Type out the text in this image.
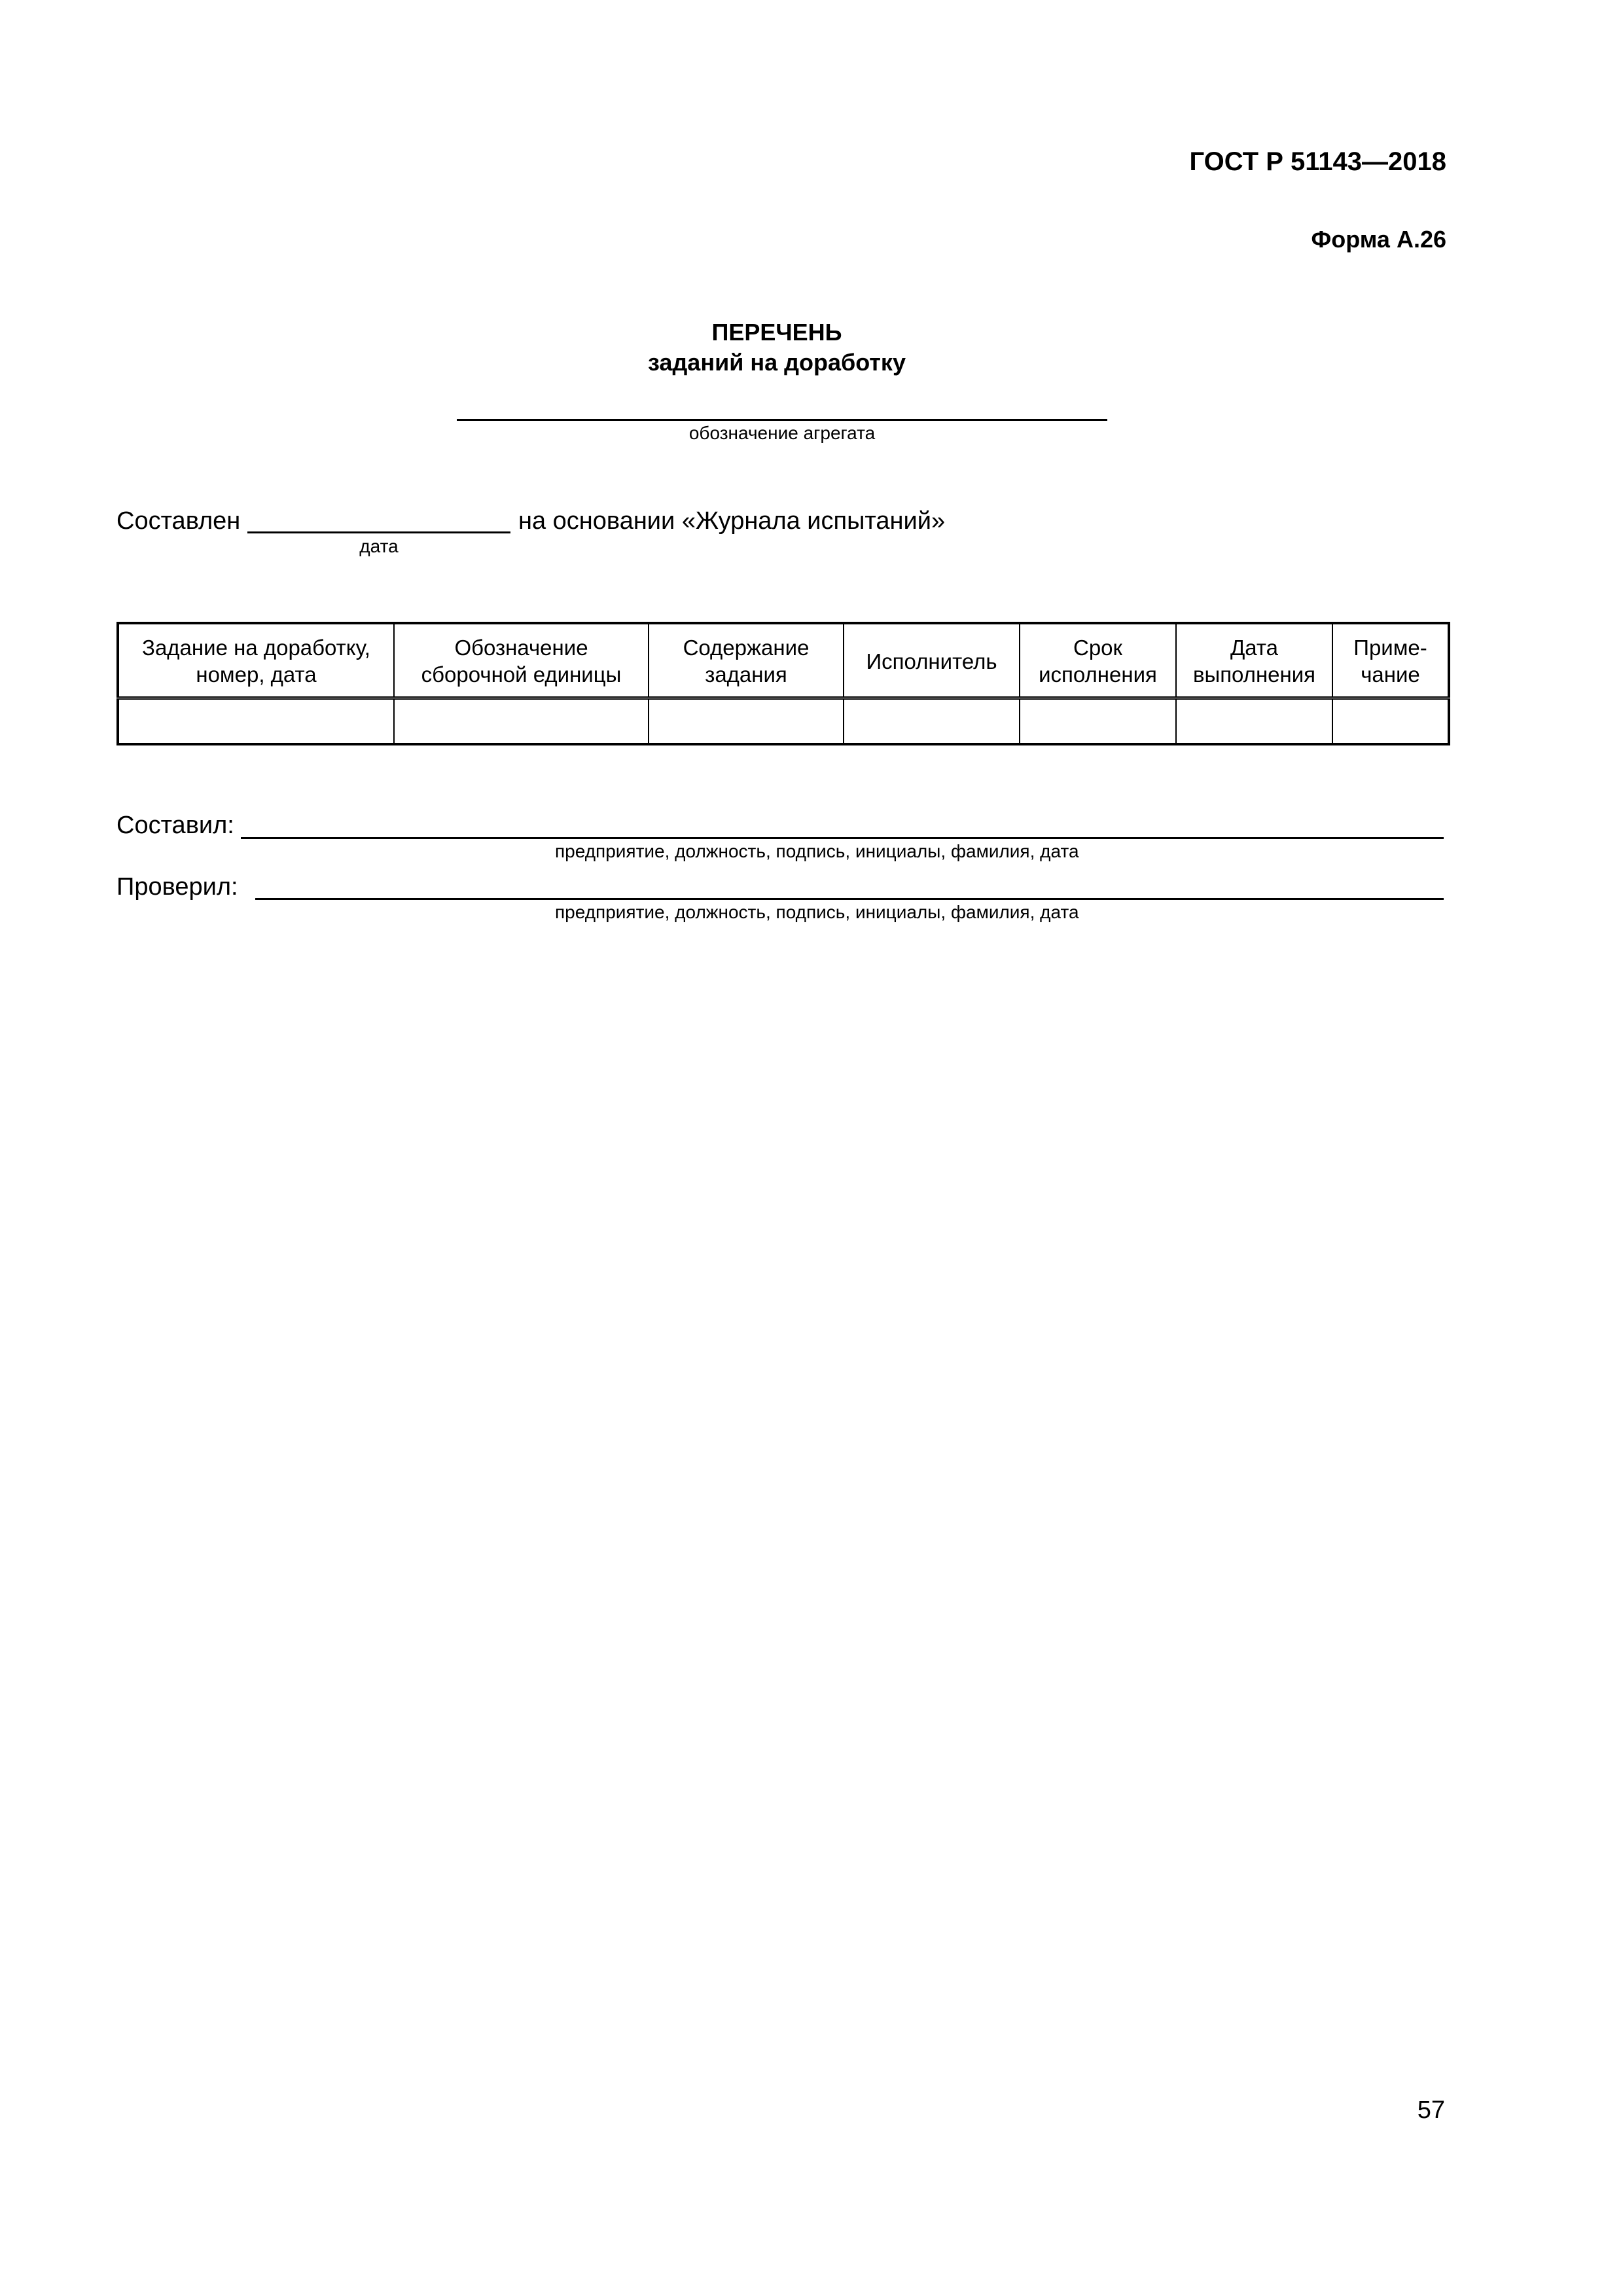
ГОСТ Р 51143—2018
Форма А.26
ПЕРЕЧЕНЬ
заданий на доработку
обозначение агрегата
Составлен	на основании «Журнала испытаний»
дата
Задание на доработку, номер, дата	Обозначение сборочной единицы	Содержание задания	Исполнитель	Срок исполнения	Дата выполнения	Приме-чание

Составил:
предприятие, должность, подпись, инициалы, фамилия, дата
Проверил:
предприятие, должность, подпись, инициалы, фамилия, дата
57
